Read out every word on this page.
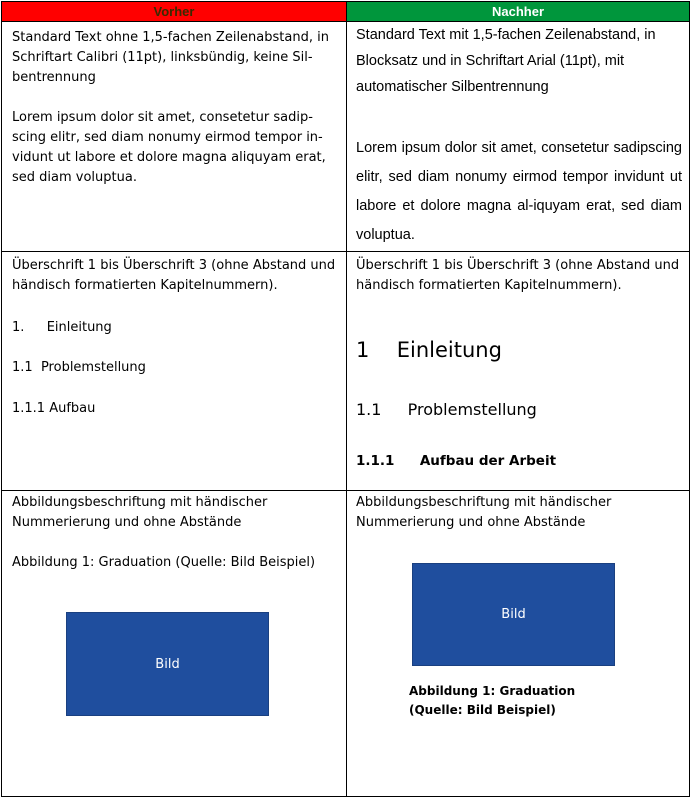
Vorher	Nachher

Standard Text ohne 1,5-fachen Zeilenabstand, in Schriftart Calibri (11pt), linksbündig, keine Sil-bentrennung

Lorem ipsum dolor sit amet, consetetur sadip-scing elitr, sed diam nonumy eirmod tempor in-vidunt ut labore et dolore magna aliquyam erat, sed diam voluptua.

Standard Text mit 1,5-fachen Zeilenabstand, in Blocksatz und in Schriftart Arial (11pt), mit automatischer Silbentrennung

Lorem ipsum dolor sit amet, consetetur sadipscing elitr, sed diam nonumy eirmod tempor invidunt ut labore et dolore magna al-iquyam erat, sed diam voluptua.

Überschrift 1 bis Überschrift 3 (ohne Abstand und händisch formatierten Kapitelnummern).

1. Einleitung

1.1  Problemstellung

1.1.1 Aufbau

Überschrift 1 bis Überschrift 3 (ohne Abstand und händisch formatierten Kapitelnummern).

1 Einleitung
1.1 Problemstellung
1.1.1 Aufbau der Arbeit

Abbildungsbeschriftung mit händischer Nummerierung und ohne Abstände

Abbildung 1: Graduation (Quelle: Bild Beispiel)

Bild

Abbildungsbeschriftung mit händischer Nummerierung und ohne Abstände

Bild
Abbildung 1: Graduation
(Quelle: Bild Beispiel)
